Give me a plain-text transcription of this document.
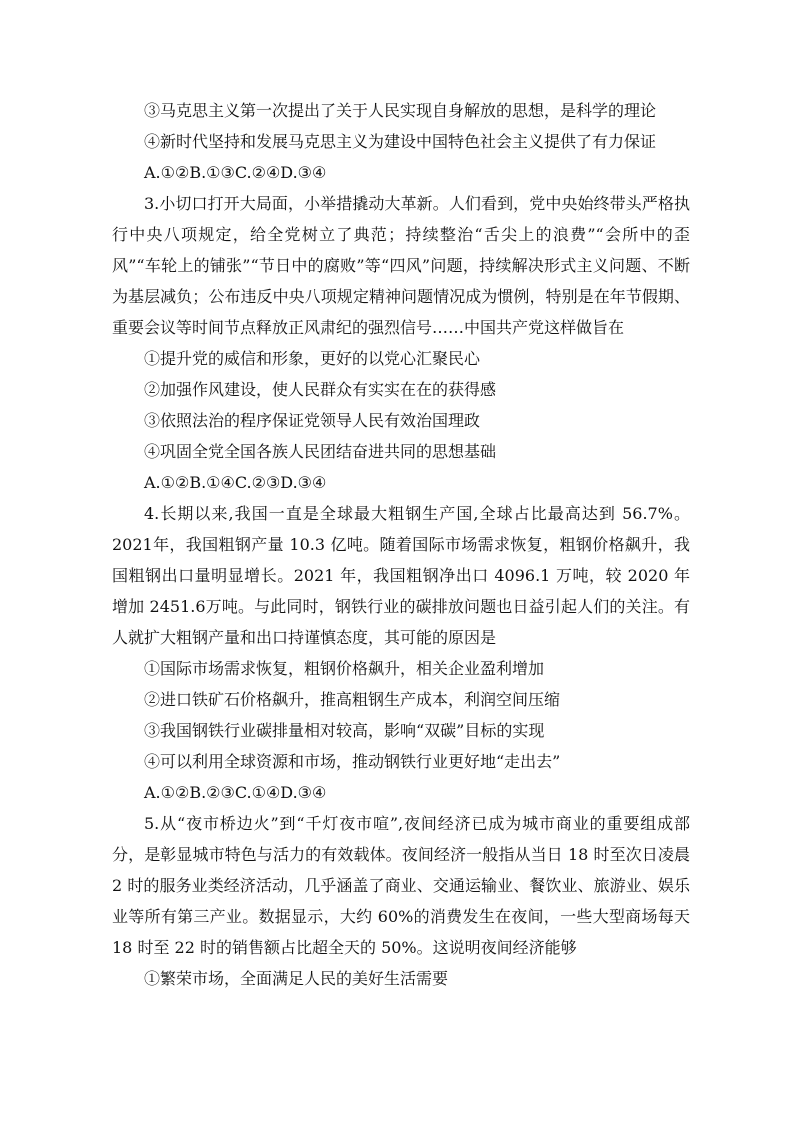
③马克思主义第一次提出了关于人民实现自身解放的思想，是科学的理论
④新时代坚持和发展马克思主义为建设中国特色社会主义提供了有力保证
A.①②B.①③C.②④D.③④

3.小切口打开大局面，小举措撬动大革新。人们看到，党中央始终带头严格执行中央八项规定，给全党树立了典范；持续整治“舌尖上的浪费”“会所中的歪风”“车轮上的铺张”“节日中的腐败”等“四风”问题，持续解决形式主义问题、不断为基层减负；公布违反中央八项规定精神问题情况成为惯例，特别是在年节假期、重要会议等时间节点释放正风肃纪的强烈信号……中国共产党这样做旨在

①提升党的威信和形象，更好的以党心汇聚民心
②加强作风建设，使人民群众有实实在在的获得感
③依照法治的程序保证党领导人民有效治国理政
④巩固全党全国各族人民团结奋进共同的思想基础
A.①②B.①④C.②③D.③④

4.长期以来,我国一直是全球最大粗钢生产国,全球占比最高达到 56.7%。2021年，我国粗钢产量 10.3 亿吨。随着国际市场需求恢复，粗钢价格飙升，我国粗钢出口量明显增长。2021 年，我国粗钢净出口 4096.1 万吨，较 2020 年增加 2451.6万吨。与此同时，钢铁行业的碳排放问题也日益引起人们的关注。有人就扩大粗钢产量和出口持谨慎态度，其可能的原因是

①国际市场需求恢复，粗钢价格飙升，相关企业盈利增加
②进口铁矿石价格飙升，推高粗钢生产成本，利润空间压缩
③我国钢铁行业碳排量相对较高，影响“双碳”目标的实现
④可以利用全球资源和市场，推动钢铁行业更好地“走出去”
A.①②B.②③C.①④D.③④

5.从“夜市桥边火”到“千灯夜市喧”,夜间经济已成为城市商业的重要组成部分，是彰显城市特色与活力的有效载体。夜间经济一般指从当日 18 时至次日凌晨 2 时的服务业类经济活动，几乎涵盖了商业、交通运输业、餐饮业、旅游业、娱乐业等所有第三产业。数据显示，大约 60%的消费发生在夜间，一些大型商场每天 18 时至 22 时的销售额占比超全天的 50%。这说明夜间经济能够

①繁荣市场，全面满足人民的美好生活需要
